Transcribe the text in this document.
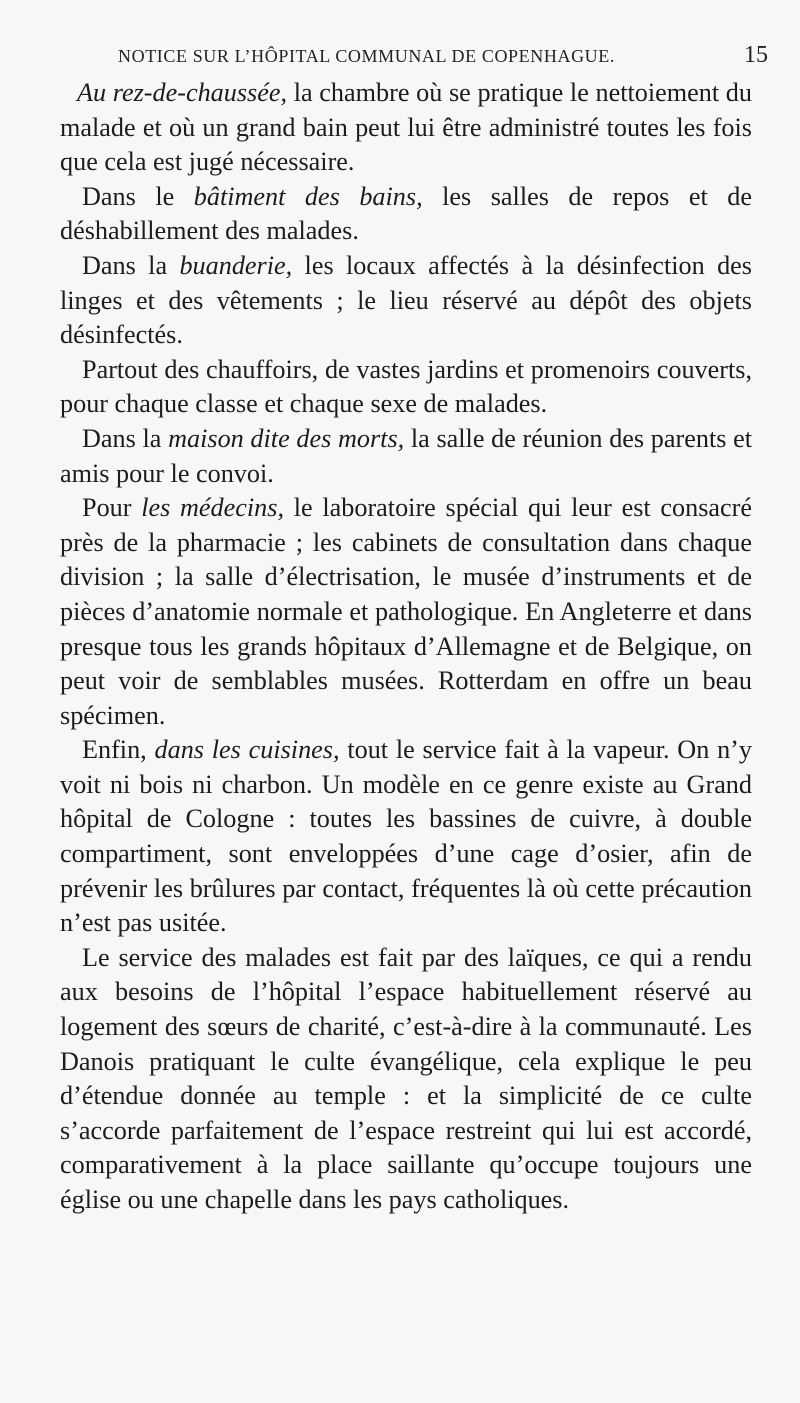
NOTICE SUR L’HÔPITAL COMMUNAL DE COPENHAGUE.	15

Au rez-de-chaussée, la chambre où se pratique le nettoiement du malade et où un grand bain peut lui être administré toutes les fois que cela est jugé nécessaire.

Dans le bâtiment des bains, les salles de repos et de déshabillement des malades.

Dans la buanderie, les locaux affectés à la désinfection des linges et des vêtements ; le lieu réservé au dépôt des objets désinfectés.

Partout des chauffoirs, de vastes jardins et promenoirs couverts, pour chaque classe et chaque sexe de malades.

Dans la maison dite des morts, la salle de réunion des parents et amis pour le convoi.

Pour les médecins, le laboratoire spécial qui leur est consacré près de la pharmacie ; les cabinets de consultation dans chaque division ; la salle d’électrisation, le musée d’instruments et de pièces d’anatomie normale et pathologique. En Angleterre et dans presque tous les grands hôpitaux d’Allemagne et de Belgique, on peut voir de semblables musées. Rotterdam en offre un beau spécimen.

Enfin, dans les cuisines, tout le service fait à la vapeur. On n’y voit ni bois ni charbon. Un modèle en ce genre existe au Grand hôpital de Cologne : toutes les bassines de cuivre, à double compartiment, sont enveloppées d’une cage d’osier, afin de prévenir les brûlures par contact, fréquentes là où cette précaution n’est pas usitée.

Le service des malades est fait par des laïques, ce qui a rendu aux besoins de l’hôpital l’espace habituellement réservé au logement des sœurs de charité, c’est-à-dire à la communauté. Les Danois pratiquant le culte évangélique, cela explique le peu d’étendue donnée au temple : et la simplicité de ce culte s’accorde parfaitement de l’espace restreint qui lui est accordé, comparativement à la place saillante qu’occupe toujours une église ou une chapelle dans les pays catholiques.
